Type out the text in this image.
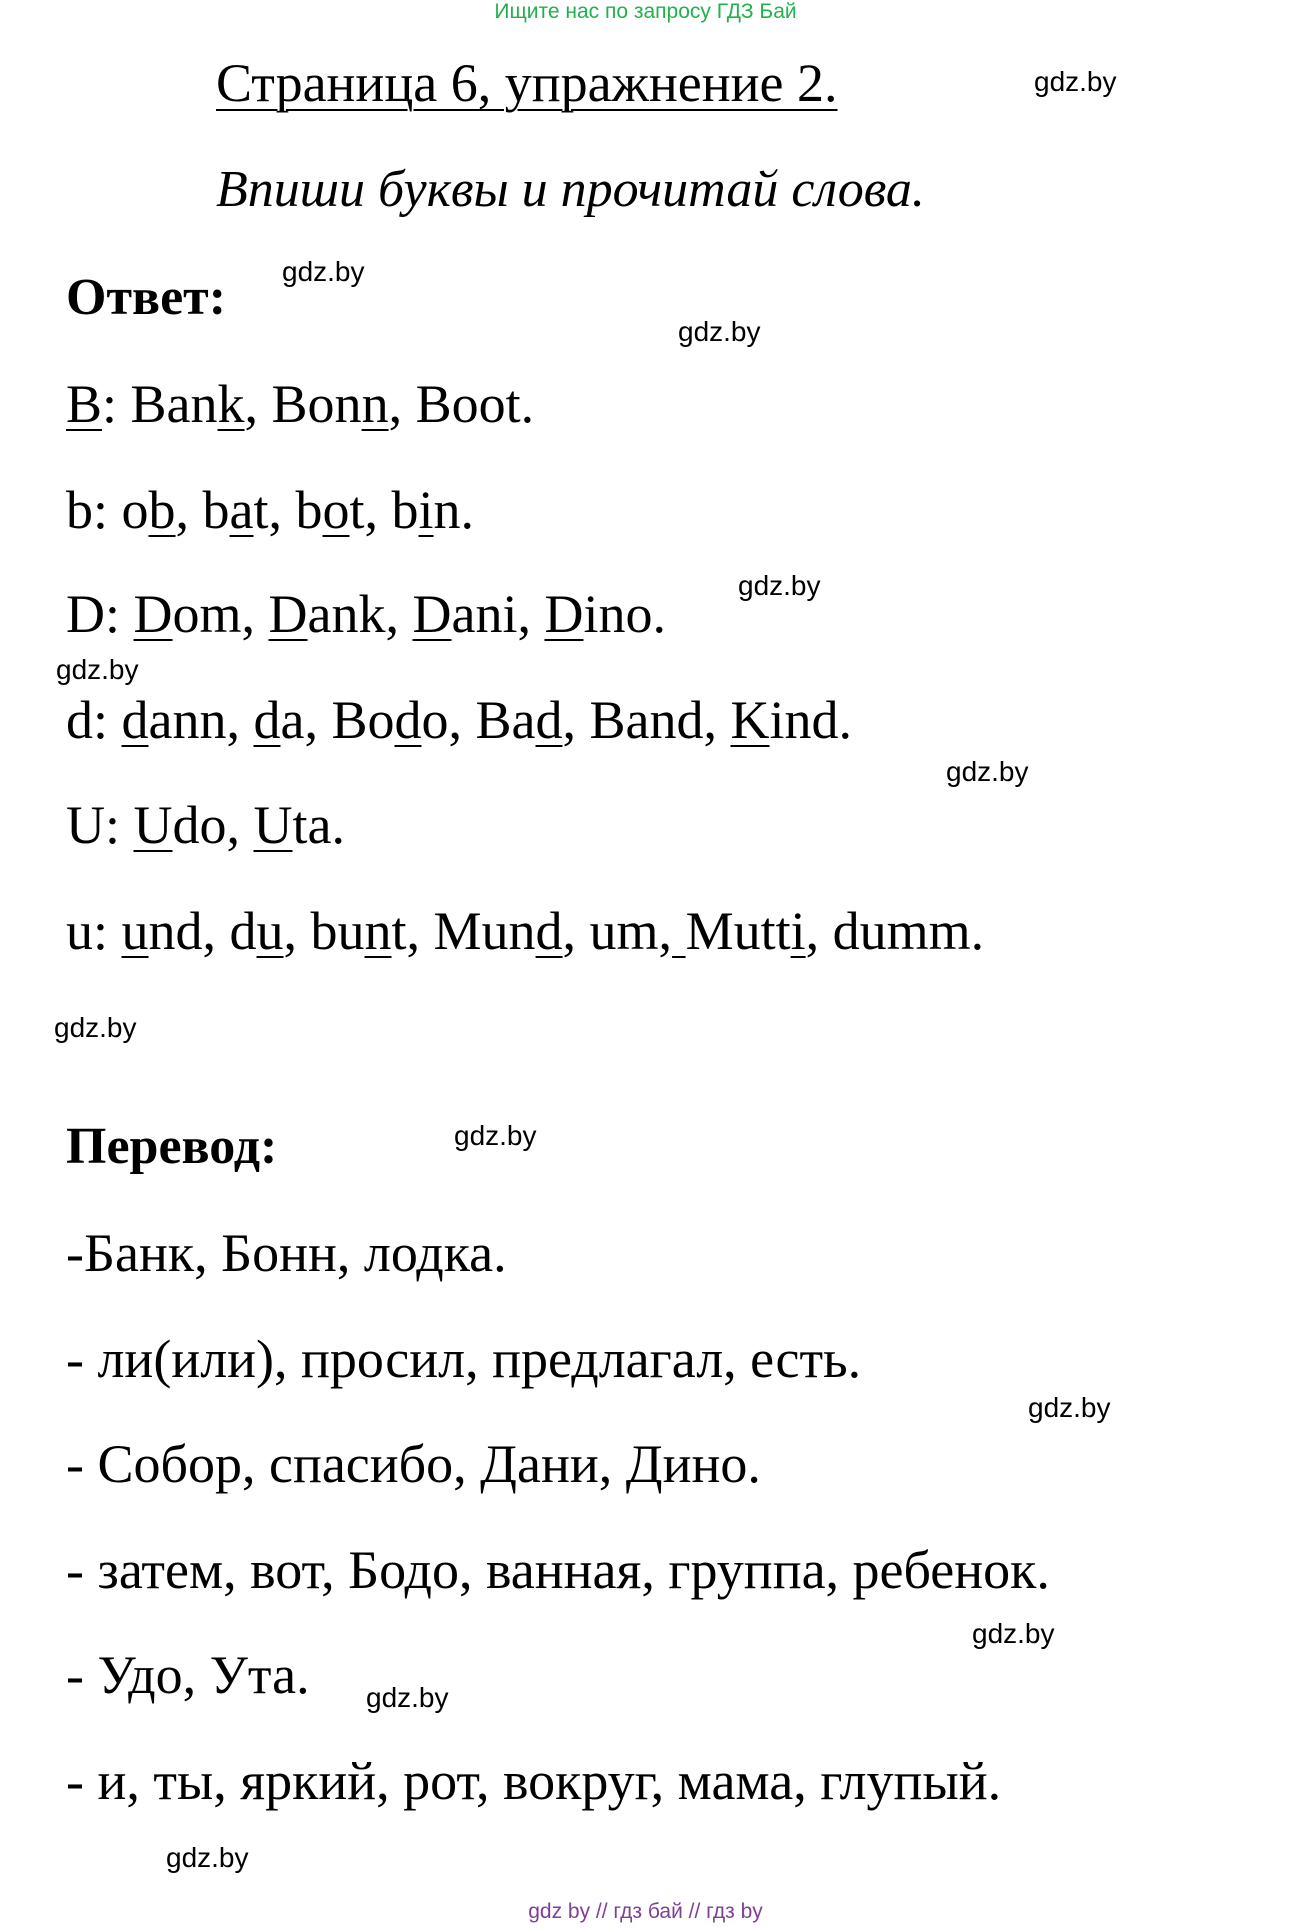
Ищите нас по запросу ГДЗ Бай
Страница 6, упражнение 2.
Впиши буквы и прочитай слова.
Ответ:
B: Bank, Bonn, Boot.
b: ob, bat, bot, bin.
D: Dom, Dank, Dani, Dino.
d: dann, da, Bodo, Bad, Band, Kind.
U: Udo, Uta.
u: und, du, bunt, Mund, um, Mutti, dumm.
Перевод:
-Банк, Бонн, лодка.
- ли(или), просил, предлагал, есть.
- Собор, спасибо, Дани, Дино.
- затем, вот, Бодо, ванная, группа, ребенок.
- Удо, Ута.
- и, ты, яркий, рот, вокруг, мама, глупый.
gdz.by
gdz.by
gdz.by
gdz.by
gdz.by
gdz.by
gdz.by
gdz.by
gdz.by
gdz.by
gdz.by
gdz.by
gdz by // гдз бай // гдз by
